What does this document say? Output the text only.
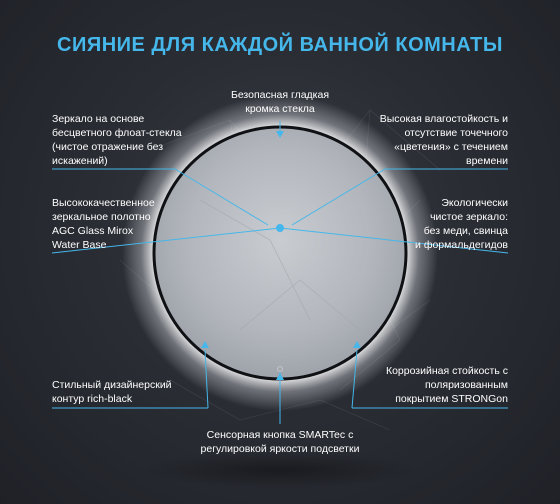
СИЯНИЕ ДЛЯ КАЖДОЙ ВАННОЙ КОМНАТЫ
Безопасная гладкая
кромка стекла
Зеркало на основе
бесцветного флоат-стекла
(чистое отражение без
искажений)
Высококачественное
зеркальное полотно
AGC Glass Mirox
Water Base
Стильный дизайнерский
контур rich-black
Высокая влагостойкость и
отсутствие точечного
«цветения» с течением
времени
Экологически
чистое зеркало:
без меди, свинца
и формальдегидов
Коррозийная стойкость с
поляризованным
покрытием STRONGon
Сенсорная кнопка SMARTec с
регулировкой яркости подсветки
